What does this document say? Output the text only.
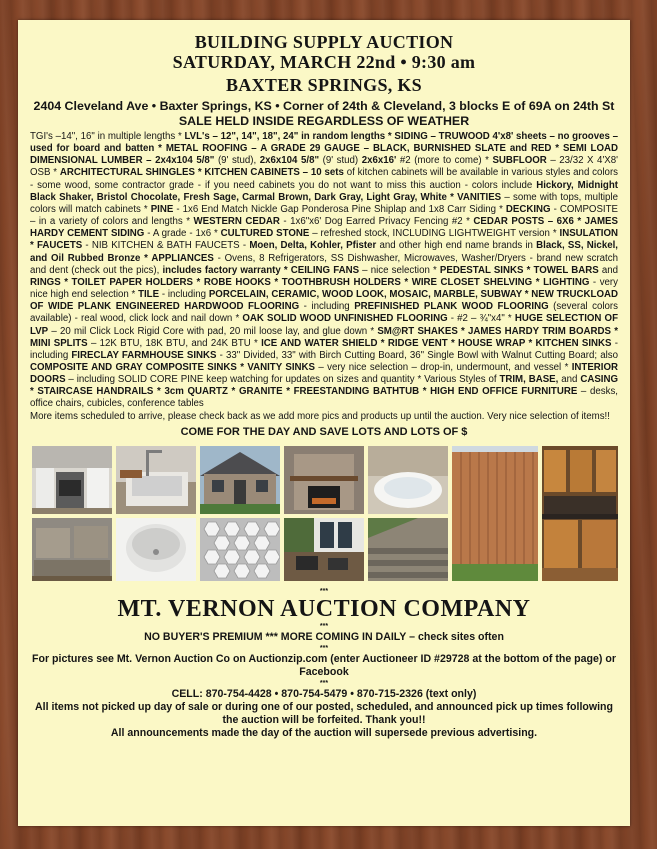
BUILDING SUPPLY AUCTION
SATURDAY, MARCH 22nd • 9:30 am
BAXTER SPRINGS, KS
2404 Cleveland Ave • Baxter Springs, KS • Corner of 24th & Cleveland, 3 blocks E of 69A on 24th St
SALE HELD INSIDE REGARDLESS OF WEATHER
TGI's –14", 16" in multiple lengths * LVL's – 12", 14", 18", 24" in random lengths * SIDING – TRUWOOD 4'x8' sheets – no grooves – used for board and batten * METAL ROOFING – A GRADE 29 GAUGE – BLACK, BURNISHED SLATE and RED * SEMI LOAD DIMENSIONAL LUMBER – 2x4x104 5/8" (9' stud), 2x6x104 5/8" (9' stud) 2x6x16' #2 (more to come) * SUBFLOOR – 23/32 X 4'X8' OSB * ARCHITECTURAL SHINGLES * KITCHEN CABINETS – 10 sets of kitchen cabinets will be available in various styles and colors - some wood, some contractor grade - if you need cabinets you do not want to miss this auction - colors include Hickory, Midnight Black Shaker, Bristol Chocolate, Fresh Sage, Carmal Brown, Dark Gray, Light Gray, White * VANITIES – some with tops, multiple colors will match cabinets * PINE - 1x6 End Match Nickle Gap Ponderosa Pine Shiplap and 1x8 Carr Siding * DECKING - COMPOSITE – in a variety of colors and lengths * WESTERN CEDAR - 1x6"x6' Dog Earred Privacy Fencing #2 * CEDAR POSTS – 6X6 * JAMES HARDY CEMENT SIDING - A grade - 1x6 * CULTURED STONE – refreshed stock, INCLUDING LIGHTWEIGHT version * INSULATION * FAUCETS - NIB KITCHEN & BATH FAUCETS - Moen, Delta, Kohler, Pfister and other high end name brands in Black, SS, Nickel, and Oil Rubbed Bronze * APPLIANCES - Ovens, 8 Refrigerators, SS Dishwasher, Microwaves, Washer/Dryers - brand new scratch and dent (check out the pics), includes factory warranty * CEILING FANS – nice selection * PEDESTAL SINKS * TOWEL BARS and RINGS * TOILET PAPER HOLDERS * ROBE HOOKS * TOOTHBRUSH HOLDERS * WIRE CLOSET SHELVING * LIGHTING - very nice high end selection * TILE - including PORCELAIN, CERAMIC, WOOD LOOK, MOSAIC, MARBLE, SUBWAY * NEW TRUCKLOAD OF WIDE PLANK ENGINEERED HARDWOOD FLOORING - including PREFINISHED PLANK WOOD FLOORING (several colors available) - real wood, click lock and nail down * OAK SOLID WOOD UNFINISHED FLOORING - #2 – ¾"x4" * HUGE SELECTION OF LVP – 20 mil Click Lock Rigid Core with pad, 20 mil loose lay, and glue down * SM@RT SHAKES * JAMES HARDY TRIM BOARDS * MINI SPLITS – 12K BTU, 18K BTU, and 24K BTU * ICE AND WATER SHIELD * RIDGE VENT * HOUSE WRAP * KITCHEN SINKS - including FIRECLAY FARMHOUSE SINKS - 33" Divided, 33" with Birch Cutting Board, 36" Single Bowl with Walnut Cutting Board; also COMPOSITE AND GRAY COMPOSITE SINKS * VANITY SINKS – very nice selection – drop-in, undermount, and vessel * INTERIOR DOORS – including SOLID CORE PINE keep watching for updates on sizes and quantity * Various Styles of TRIM, BASE, and CASING * STAIRCASE HANDRAILS * 3cm QUARTZ * GRANITE * FREESTANDING BATHTUB * HIGH END OFFICE FURNITURE – desks, office chairs, cubicles, conference tables
More items scheduled to arrive, please check back as we add more pics and products up until the auction. Very nice selection of items!!
COME FOR THE DAY AND SAVE LOTS AND LOTS OF $
***
MT. VERNON AUCTION COMPANY
***
NO BUYER'S PREMIUM *** MORE COMING IN DAILY – check sites often
***
For pictures see Mt. Vernon Auction Co on Auctionzip.com (enter Auctioneer ID #29728 at the bottom of the page) or Facebook
***
CELL: 870-754-4428 • 870-754-5479 • 870-715-2326 (text only)
All items not picked up day of sale or during one of our posted, scheduled, and announced pick up times following the auction will be forfeited. Thank you!!
All announcements made the day of the auction will supersede previous advertising.
